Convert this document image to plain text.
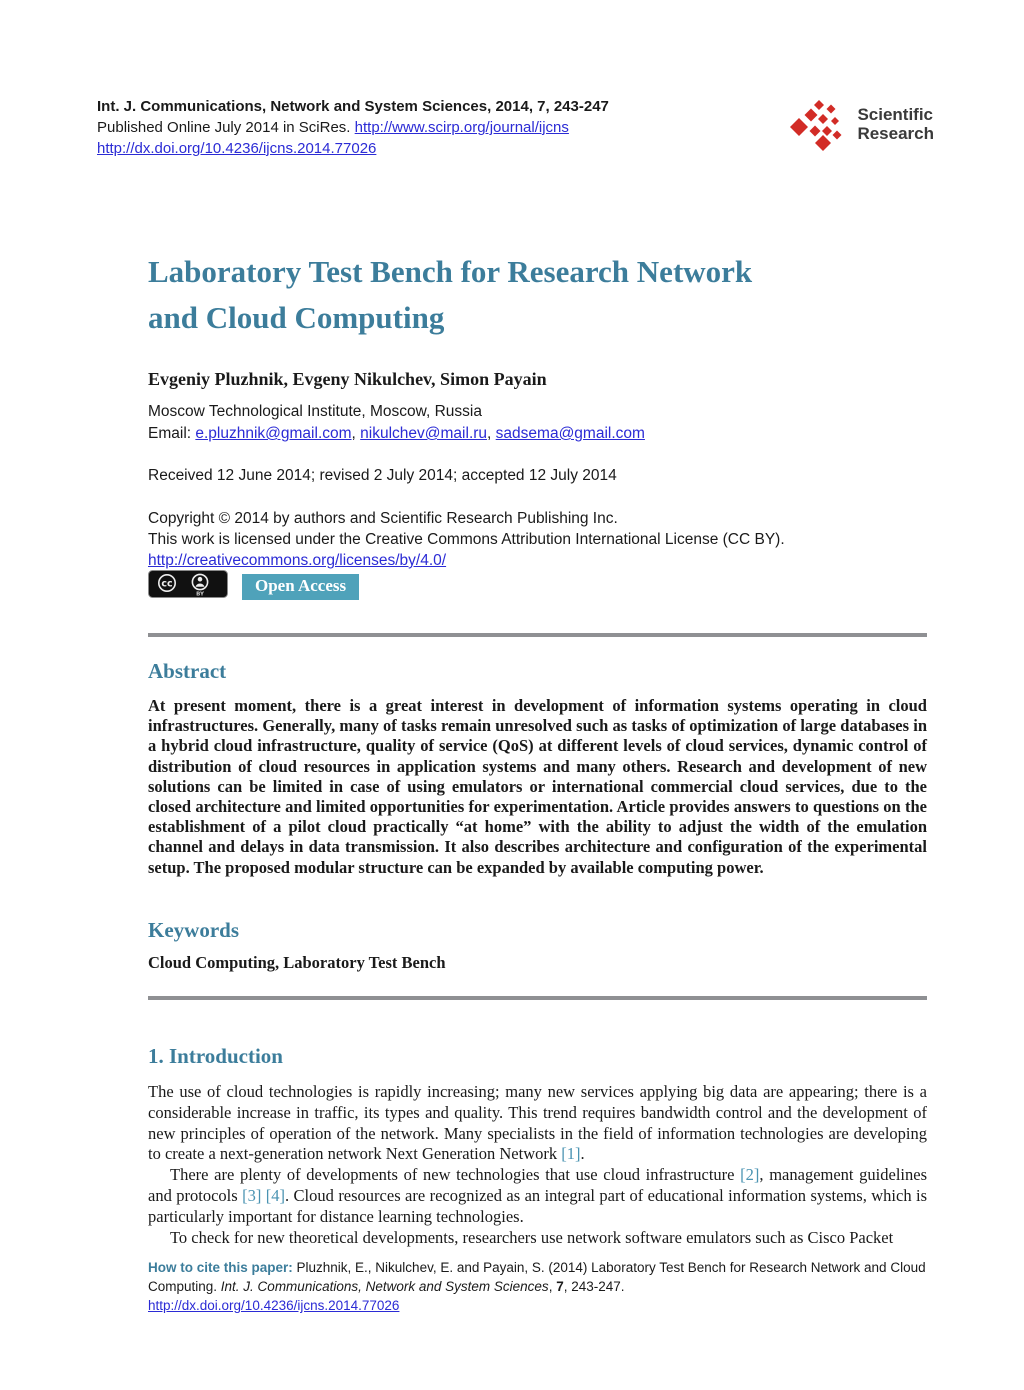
Int. J. Communications, Network and System Sciences, 2014, 7, 243-247
Published Online July 2014 in SciRes. http://www.scirp.org/journal/ijcns
http://dx.doi.org/10.4236/ijcns.2014.77026
Scientific
Research
Laboratory Test Bench for Research Network and Cloud Computing
Evgeniy Pluzhnik, Evgeny Nikulchev, Simon Payain
Moscow Technological Institute, Moscow, Russia
Email: e.pluzhnik@gmail.com, nikulchev@mail.ru, sadsema@gmail.com
Received 12 June 2014; revised 2 July 2014; accepted 12 July 2014
Copyright © 2014 by authors and Scientific Research Publishing Inc.
This work is licensed under the Creative Commons Attribution International License (CC BY).
http://creativecommons.org/licenses/by/4.0/
cc
BY	Open Access
Abstract
At present moment, there is a great interest in development of information systems operating in cloud infrastructures. Generally, many of tasks remain unresolved such as tasks of optimization of large databases in a hybrid cloud infrastructure, quality of service (QoS) at different levels of cloud services, dynamic control of distribution of cloud resources in application systems and many others. Research and development of new solutions can be limited in case of using emulators or international commercial cloud services, due to the closed architecture and limited opportunities for experimentation. Article provides answers to questions on the establishment of a pilot cloud practically “at home” with the ability to adjust the width of the emulation channel and delays in data transmission. It also describes architecture and configuration of the experimental setup. The proposed modular structure can be expanded by available computing power.
Keywords
Cloud Computing, Laboratory Test Bench
1. Introduction

The use of cloud technologies is rapidly increasing; many new services applying big data are appearing; there is a considerable increase in traffic, its types and quality. This trend requires bandwidth control and the development of new principles of operation of the network. Many specialists in the field of information technologies are developing to create a next-generation network Next Generation Network [1].

There are plenty of developments of new technologies that use cloud infrastructure [2], management guidelines and protocols [3] [4]. Cloud resources are recognized as an integral part of educational information systems, which is particularly important for distance learning technologies.

To check for new theoretical developments, researchers use network software emulators such as Cisco Packet

How to cite this paper: Pluzhnik, E., Nikulchev, E. and Payain, S. (2014) Laboratory Test Bench for Research Network and Cloud Computing. Int. J. Communications, Network and System Sciences, 7, 243-247.
http://dx.doi.org/10.4236/ijcns.2014.77026
